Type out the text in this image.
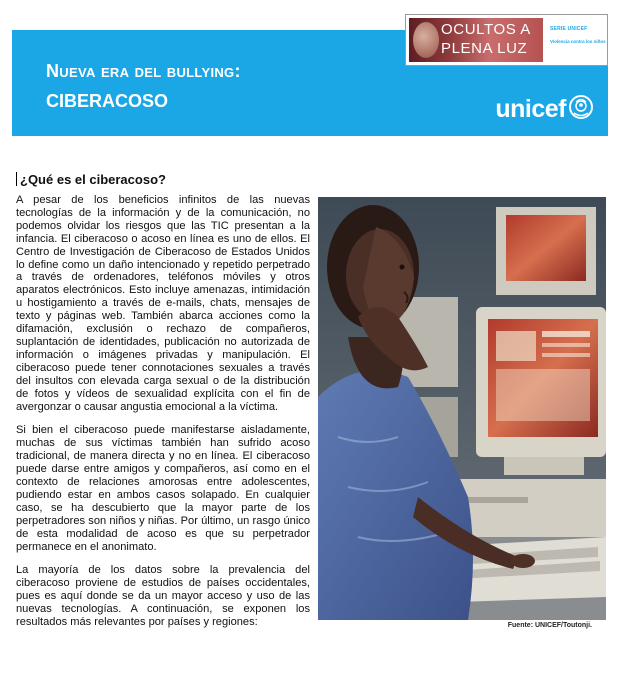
Nueva era del bullying:
CIBERACOSO	unicef
OCULTOS A
PLENA LUZ
SERIE UNICEF
Violencia contra los niños
¿Qué es el ciberacoso?

A pesar de los beneficios infinitos de las nuevas tecnologías de la información y de la comunicación, no podemos olvidar los riesgos que las TIC presentan a la infancia. El ciberacoso o acoso en línea es uno de ellos. El Centro de Investigación de Ciberacoso de Estados Unidos lo define como un daño intencionado y repetido perpetrado a través de ordenadores, teléfonos móviles y otros aparatos electrónicos. Esto incluye amenazas, intimidación u hostigamiento a través de e-mails, chats, mensajes de texto y páginas web. También abarca acciones como la difamación, exclusión o rechazo de compañeros, suplantación de identidades, publicación no autorizada de información o imágenes privadas y manipulación. El ciberacoso puede tener connotaciones sexuales a través del insultos con elevada carga sexual o de la distribución de fotos y vídeos de sexualidad explícita con el fin de avergonzar o causar angustia emocional a la víctima.

Si bien el ciberacoso puede manifestarse aisladamente, muchas de sus víctimas también han sufrido acoso tradicional, de manera directa y no en línea. El ciberacoso puede darse entre amigos y compañeros, así como en el contexto de relaciones amorosas entre adolescentes, pudiendo estar en ambos casos solapado. En cualquier caso, se ha descubierto que la mayor parte de los perpetradores son niños y niñas. Por último, un rasgo único de esta modalidad de acoso es que su perpetrador permanece en el anonimato.

La mayoría de los datos sobre la prevalencia del ciberacoso proviene de estudios de países occidentales, pues es aquí donde se da un mayor acceso y uso de las nuevas tecnologías. A continuación, se exponen los resultados más relevantes por países y regiones:	Fuente: UNICEF/Toutonji.
